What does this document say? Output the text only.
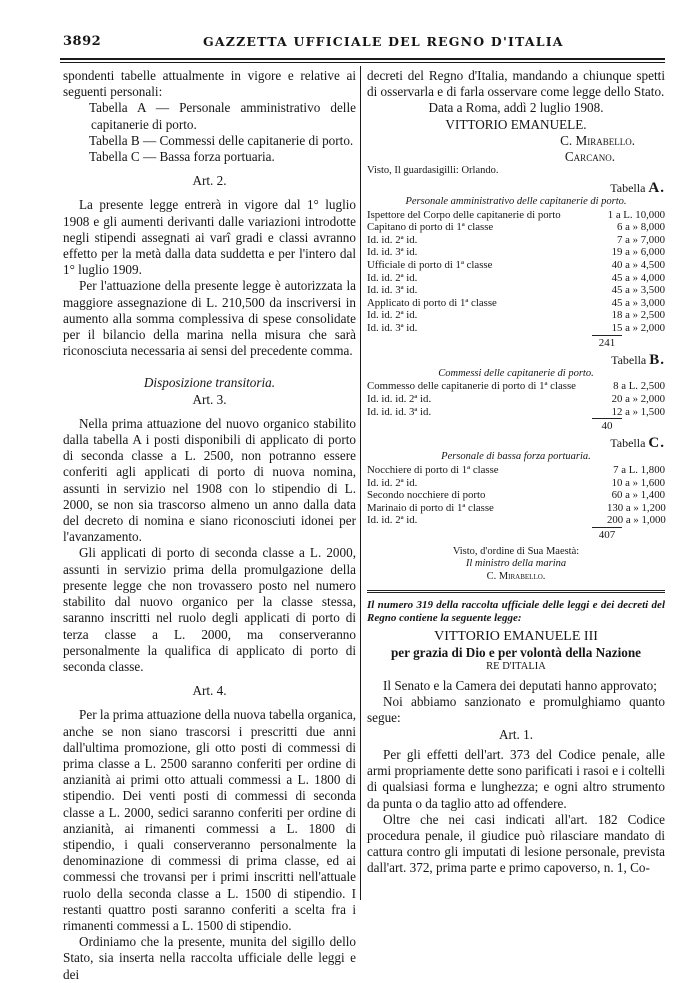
3892	GAZZETTA UFFICIALE DEL REGNO D'ITALIA

spondenti tabelle attualmente in vigore e relative ai seguenti personali:

Tabella A — Personale amministrativo delle capitanerie di porto.

Tabella B — Commessi delle capitanerie di porto.

Tabella C — Bassa forza portuaria.

Art. 2.

La presente legge entrerà in vigore dal 1° luglio 1908 e gli aumenti derivanti dalle variazioni introdotte negli stipendi assegnati ai varî gradi e classi avranno effetto per la metà dalla data suddetta e per l'intero dal 1° luglio 1909.

Per l'attuazione della presente legge è autorizzata la maggiore assegnazione di L. 210,500 da inscriversi in aumento alla somma complessiva di spese consolidate per il bilancio della marina nella misura che sarà riconosciuta necessaria ai sensi del precedente comma.

Disposizione transitoria.

Art. 3.

Nella prima attuazione del nuovo organico stabilito dalla tabella A i posti disponibili di applicato di porto di seconda classe a L. 2500, non potranno essere conferiti agli applicati di porto di nuova nomina, assunti in servizio nel 1908 con lo stipendio di L. 2000, se non sia trascorso almeno un anno dalla data del decreto di nomina e siano riconosciuti idonei per l'avanzamento.

Gli applicati di porto di seconda classe a L. 2000, assunti in servizio prima della promulgazione della presente legge che non trovassero posto nel numero stabilito dal nuovo organico per la classe stessa, saranno inscritti nel ruolo degli applicati di porto di terza classe a L. 2000, ma conserveranno personalmente la qualifica di applicato di porto di seconda classe.

Art. 4.

Per la prima attuazione della nuova tabella organica, anche se non siano trascorsi i prescritti due anni dall'ultima promozione, gli otto posti di commessi di prima classe a L. 2500 saranno conferiti per ordine di anzianità ai primi otto attuali commessi a L. 1800 di stipendio. Dei venti posti di commessi di seconda classe a L. 2000, sedici saranno conferiti per ordine di anzianità, ai rimanenti commessi a L. 1800 di stipendio, i quali conserveranno personalmente la denominazione di commessi di prima classe, ed ai commessi che trovansi per i primi inscritti nell'attuale ruolo della seconda classe a L. 1500 di stipendio. I restanti quattro posti saranno conferiti a scelta fra i rimanenti commessi a L. 1500 di stipendio.

Ordiniamo che la presente, munita del sigillo dello Stato, sia inserta nella raccolta ufficiale delle leggi e dei

decreti del Regno d'Italia, mandando a chiunque spetti di osservarla e di farla osservare come legge dello Stato.

Data a Roma, addì 2 luglio 1908.

VITTORIO EMANUELE.

C. Mirabello.

Carcano.

Visto, Il guardasigilli: Orlando.

Tabella A.

Personale amministrativo delle capitanerie di porto.

Ispettore del Corpo delle capitanerie di porto	1 a L. 10,000
Capitano di porto di 1ª classe	6 a » 8,000
Id. id. 2ª id.	7 a » 7,000
Id. id. 3ª id.	19 a » 6,000
Ufficiale di porto di 1ª classe	40 a » 4,500
Id. id. 2ª id.	45 a » 4,000
Id. id. 3ª id.	45 a » 3,500
Applicato di porto di 1ª classe	45 a » 3,000
Id. id. 2ª id.	18 a » 2,500
Id. id. 3ª id.	15 a » 2,000
241
Tabella B.

Commessi delle capitanerie di porto.

Commesso delle capitanerie di porto di 1ª classe	8 a L. 2,500
Id. id. id. 2ª id.	20 a » 2,000
Id. id. id. 3ª id.	12 a » 1,500
40
Tabella C.

Personale di bassa forza portuaria.

Nocchiere di porto di 1ª classe	7 a L. 1,800
Id. id. 2ª id.	10 a » 1,600
Secondo nocchiere di porto	60 a » 1,400
Marinaio di porto di 1ª classe	130 a » 1,200
Id. id. 2ª id.	200 a » 1,000
407

Visto, d'ordine di Sua Maestà:

Il ministro della marina

C. Mirabello.

Il numero 319 della raccolta ufficiale delle leggi e dei decreti del Regno contiene la seguente legge:

VITTORIO EMANUELE III

per grazia di Dio e per volontà della Nazione

RE D'ITALIA

Il Senato e la Camera dei deputati hanno approvato;

Noi abbiamo sanzionato e promulghiamo quanto segue:

Art. 1.

Per gli effetti dell'art. 373 del Codice penale, alle armi propriamente dette sono parificati i rasoi e i coltelli di qualsiasi forma e lunghezza; e ogni altro strumento da punta o da taglio atto ad offendere.

Oltre che nei casi indicati all'art. 182 Codice procedura penale, il giudice può rilasciare mandato di cattura contro gli imputati di lesione personale, prevista dall'art. 372, prima parte e primo capoverso, n. 1, Co-
